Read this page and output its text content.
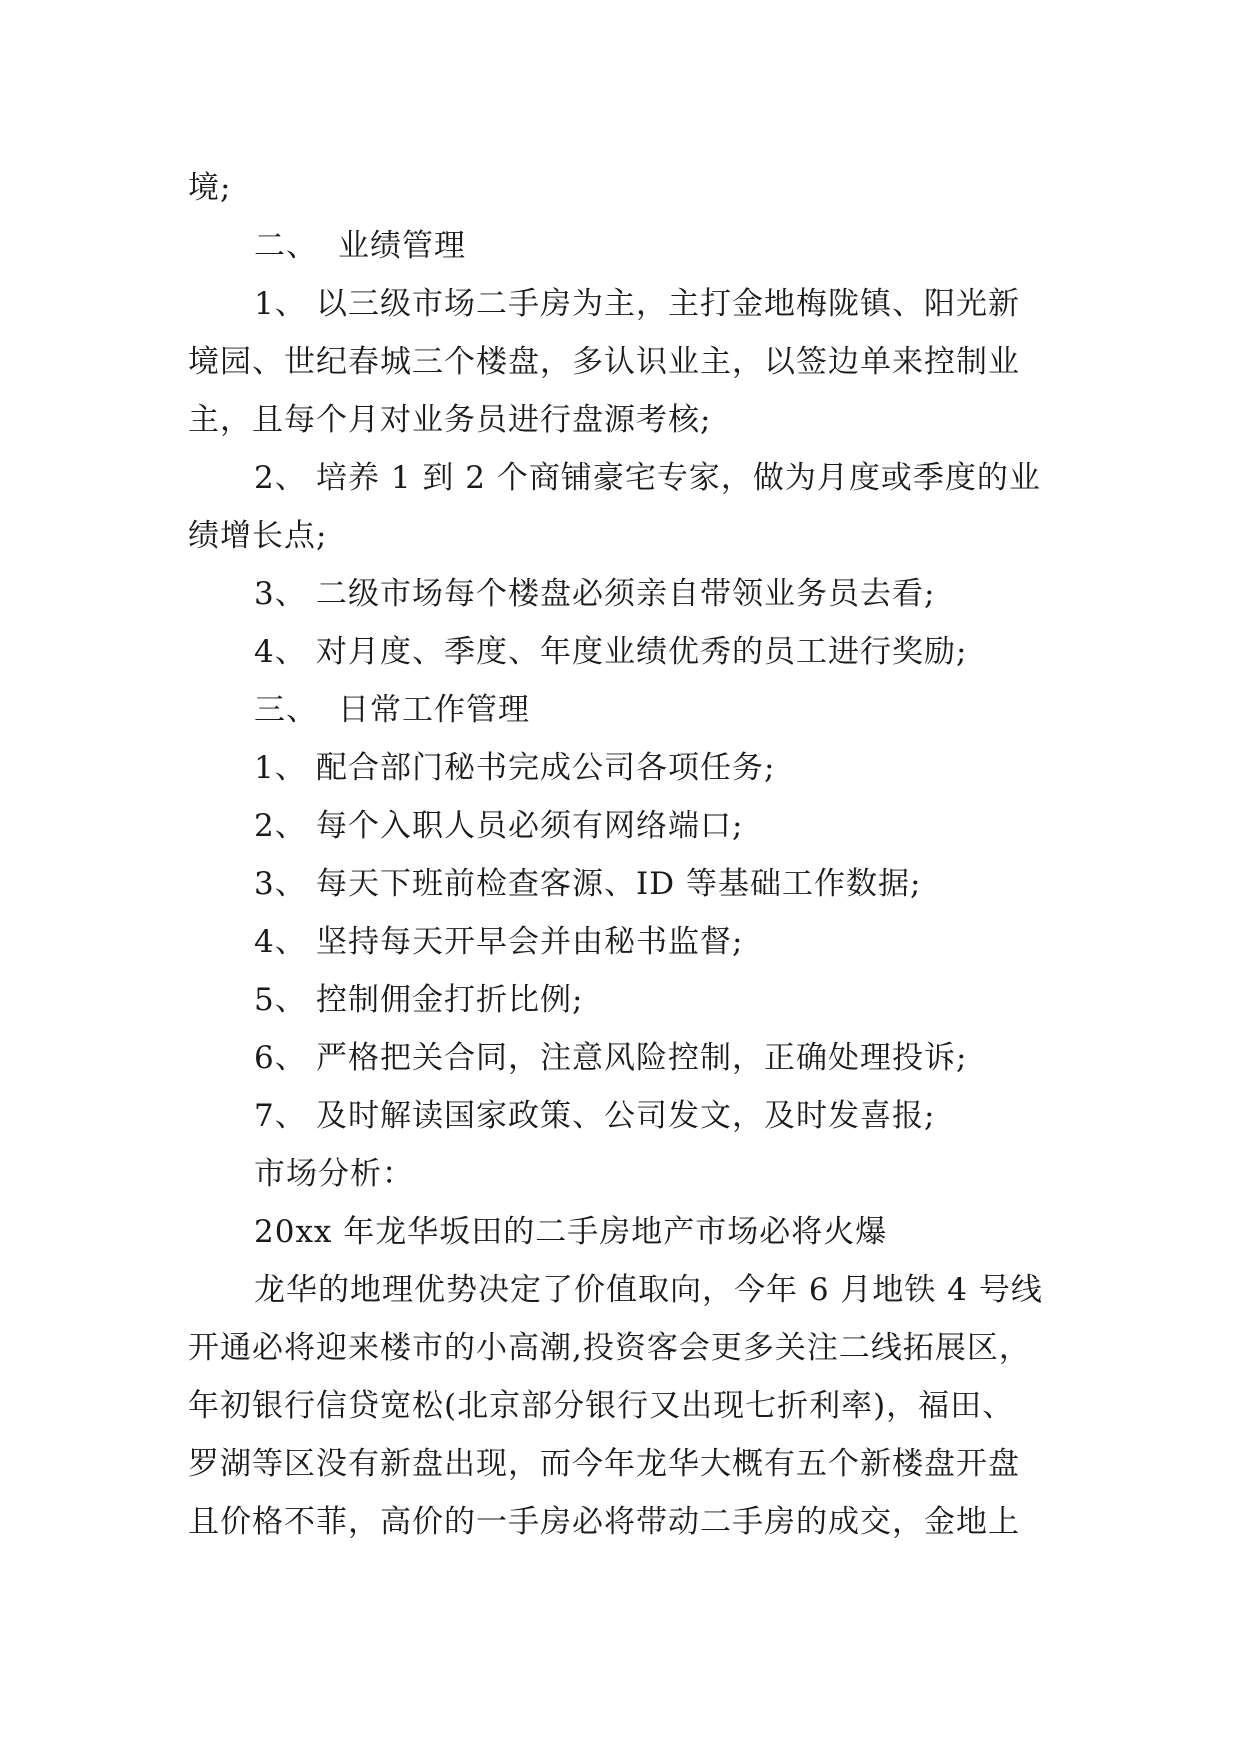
境;
二、 业绩管理
1、 以三级市场二手房为主，主打金地梅陇镇、阳光新
境园、世纪春城三个楼盘，多认识业主，以签边单来控制业
主，且每个月对业务员进行盘源考核;
2、 培养 1 到 2 个商铺豪宅专家，做为月度或季度的业
绩增长点;
3、 二级市场每个楼盘必须亲自带领业务员去看;
4、 对月度、季度、年度业绩优秀的员工进行奖励;
三、 日常工作管理
1、 配合部门秘书完成公司各项任务;
2、 每个入职人员必须有网络端口;
3、 每天下班前检查客源、ID 等基础工作数据;
4、 坚持每天开早会并由秘书监督;
5、 控制佣金打折比例;
6、 严格把关合同，注意风险控制，正确处理投诉;
7、 及时解读国家政策、公司发文，及时发喜报;
市场分析：
20xx 年龙华坂田的二手房地产市场必将火爆
龙华的地理优势决定了价值取向，今年 6 月地铁 4 号线
开通必将迎来楼市的小高潮,投资客会更多关注二线拓展区，
年初银行信贷宽松(北京部分银行又出现七折利率)，福田、
罗湖等区没有新盘出现，而今年龙华大概有五个新楼盘开盘
且价格不菲，高价的一手房必将带动二手房的成交，金地上
